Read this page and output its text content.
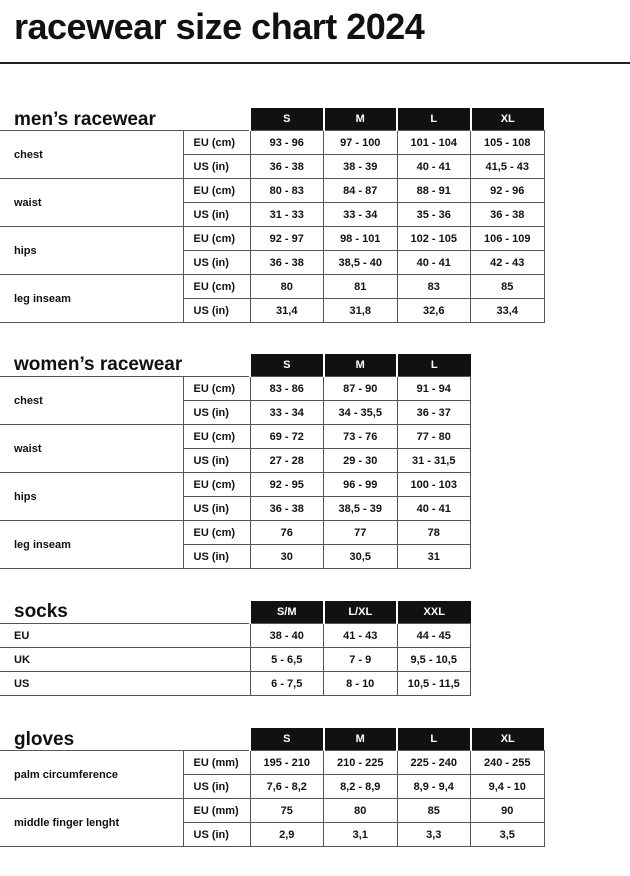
racewear size chart 2024
men’s racewear
			S	M	L	XL
chest	EU (cm)	93 - 96	97 - 100	101 - 104	105 - 108
	US (in)	36 - 38	38 - 39	40 - 41	41,5 - 43
waist	EU (cm)	80 - 83	84 - 87	88 - 91	92 - 96
	US (in)	31 - 33	33 - 34	35 - 36	36 - 38
hips	EU (cm)	92 - 97	98 - 101	102 - 105	106 - 109
	US (in)	36 - 38	38,5 - 40	40 - 41	42 - 43
leg inseam	EU (cm)	80	81	83	85
	US (in)	31,4	31,8	32,6	33,4
women’s racewear
			S	M	L
chest	EU (cm)	83 - 86	87 - 90	91 - 94
	US (in)	33 - 34	34 - 35,5	36 - 37
waist	EU (cm)	69 - 72	73 - 76	77 - 80
	US (in)	27 - 28	29 - 30	31 - 31,5
hips	EU (cm)	92 - 95	96 - 99	100 - 103
	US (in)	36 - 38	38,5 - 39	40 - 41
leg inseam	EU (cm)	76	77	78
	US (in)	30	30,5	31
socks
		S/M	L/XL	XXL
EU	38 - 40	41 - 43	44 - 45
UK	5 - 6,5	7 - 9	9,5 - 10,5
US	6 - 7,5	8 - 10	10,5 - 11,5
gloves
			S	M	L	XL
palm circumference	EU (mm)	195 - 210	210 - 225	225 - 240	240 - 255
	US (in)	7,6 - 8,2	8,2 - 8,9	8,9 - 9,4	9,4 - 10
middle finger lenght	EU (mm)	75	80	85	90
	US (in)	2,9	3,1	3,3	3,5
